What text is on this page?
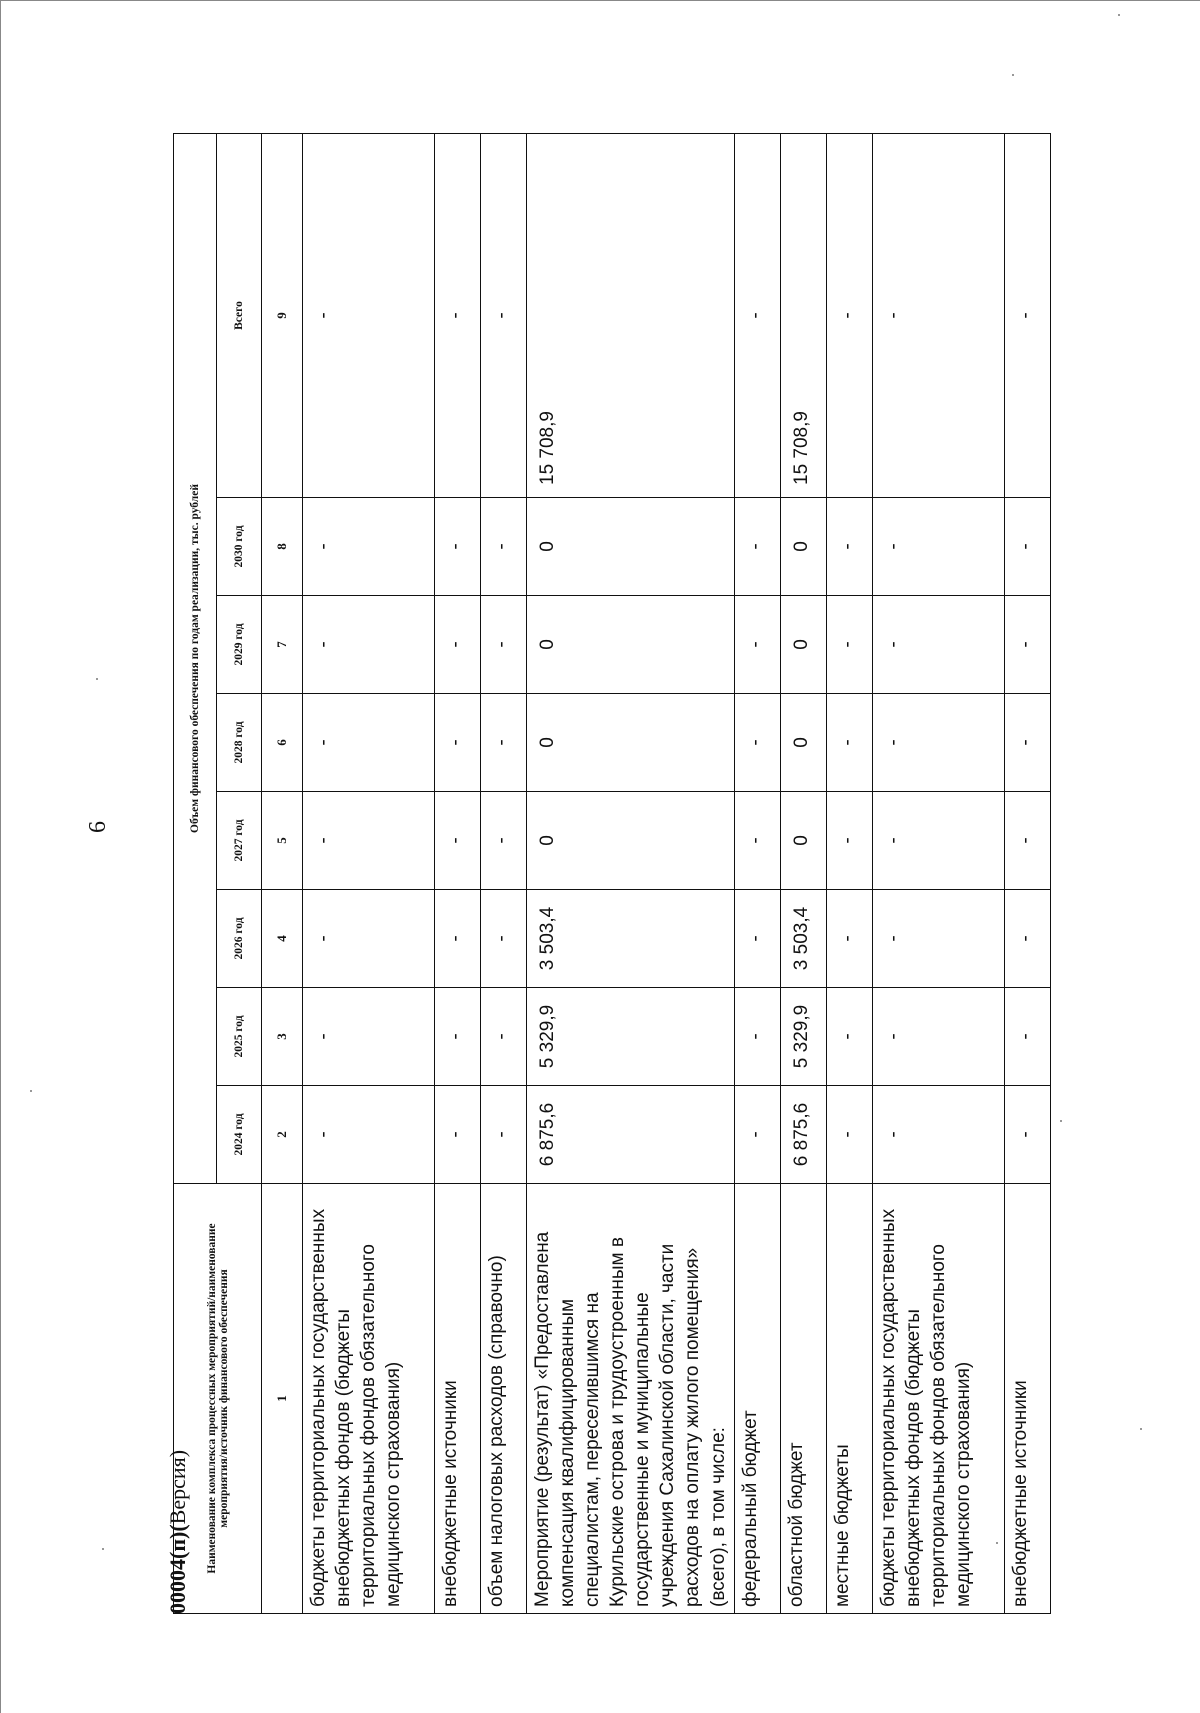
6
Наименование комплекса процессных мероприятий/наименование мероприятия/источник финансового обеспечения	Объем финансового обеспечения по годам реализации, тыс. рублей							
	2024 год	2025 год	2026 год	2027 год	2028 год	2029 год	2030 год	Всего
1	2	3	4	5	6	7	8	9
бюджеты территориальных государственных внебюджетных фондов (бюджеты территориальных фондов обязательного медицинского страхования)	-	-	-	-	-	-	-	-
внебюджетные источники	-	-	-	-	-	-	-	-
объем налоговых расходов (справочно)	-	-	-	-	-	-	-	-
Мероприятие (результат) «Предоставлена компенсация квалифицированным специалистам, переселившимся на Курильские острова и трудоустроенным в государственные и муниципальные учреждения Сахалинской области, части расходов на оплату жилого помещения» (всего), в том числе:	6 875,6	5 329,9	3 503,4	0	0	0	0	15 708,9
федеральный бюджет	-	-	-	-	-	-	-	-
областной бюджет	6 875,6	5 329,9	3 503,4	0	0	0	0	15 708,9
местные бюджеты	-	-	-	-	-	-	-	-
бюджеты территориальных государственных внебюджетных фондов (бюджеты территориальных фондов обязательного медицинского страхования)	-	-	-	-	-	-	-	-
внебюджетные источники	-	-	-	-	-	-	-	-
00004(п)(Версия)
